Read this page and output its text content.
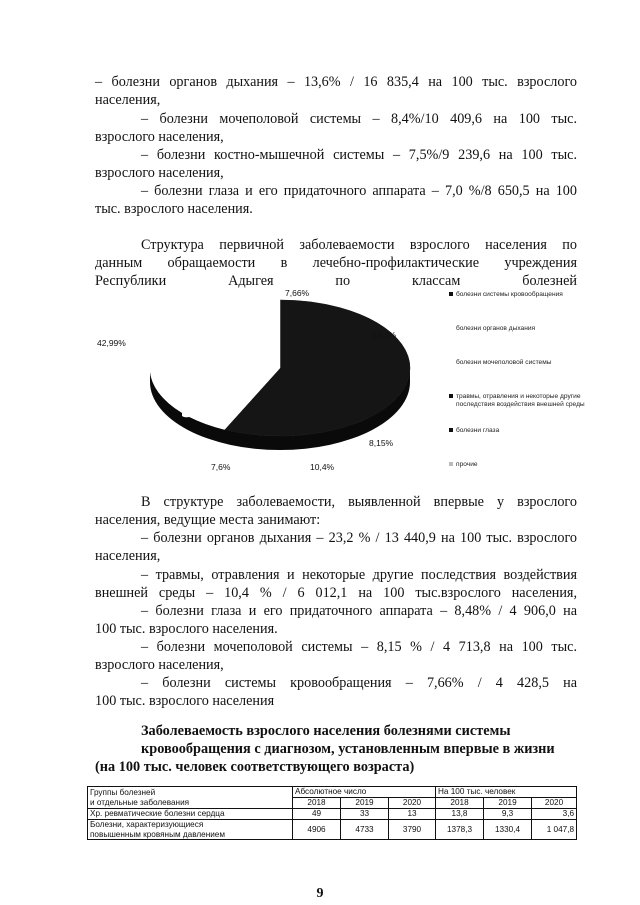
– болезни органов дыхания – 13,6% / 16 835,4 на 100 тыс. взрослого

населения,

– болезни мочеполовой системы – 8,4%/10 409,6 на 100 тыс.

взрослого населения,

– болезни костно-мышечной системы – 7,5%/9 239,6 на 100 тыс.

взрослого населения,

– болезни глаза и его придаточного аппарата – 7,0 %/8 650,5 на 100

тыс. взрослого населения.

Структура первичной заболеваемости взрослого населения по

данным обращаемости в лечебно-профилактические учреждения

Республики Адыгея по классам болезней

7,66%
23,2%
8,15%
10,4%
7,6%
42,99%
болезни системы кровообращения
болезни органов дыхания
болезни мочеполовой системы
травмы, отравления и некоторые другие
последствия воздействия внешней среды
болезни глаза
прочие

В структуре заболеваемости, выявленной впервые у взрослого

населения, ведущие места занимают:

– болезни органов дыхания – 23,2 % / 13 440,9 на 100 тыс. взрослого

населения,

– травмы, отравления и некоторые другие последствия воздействия

внешней среды – 10,4 % / 6 012,1 на 100 тыс.взрослого населения,

– болезни глаза и его придаточного аппарата – 8,48% / 4 906,0 на

100 тыс. взрослого населения.

– болезни мочеполовой системы – 8,15 % / 4 713,8 на 100 тыс.

взрослого населения,

– болезни системы кровообращения – 7,66% / 4 428,5 на

100 тыс. взрослого населения

Заболеваемость взрослого населения болезнями системы
кровообращения с диагнозом, установленным впервые в жизни
(на 100 тыс. человек соответствующего возраста)
Группы болезней	Абсолютное число			На 100 тыс. человек		
и отдельные заболевания	2018	2019	2020	2018	2019	2020
Хр. ревматические болезни сердца	49	33	13	13,8	9,3	3,6
Болезни, характеризующиеся
повышенным кровяным давлением	4906	4733	3790	1378,3	1330,4	1 047,8
9
